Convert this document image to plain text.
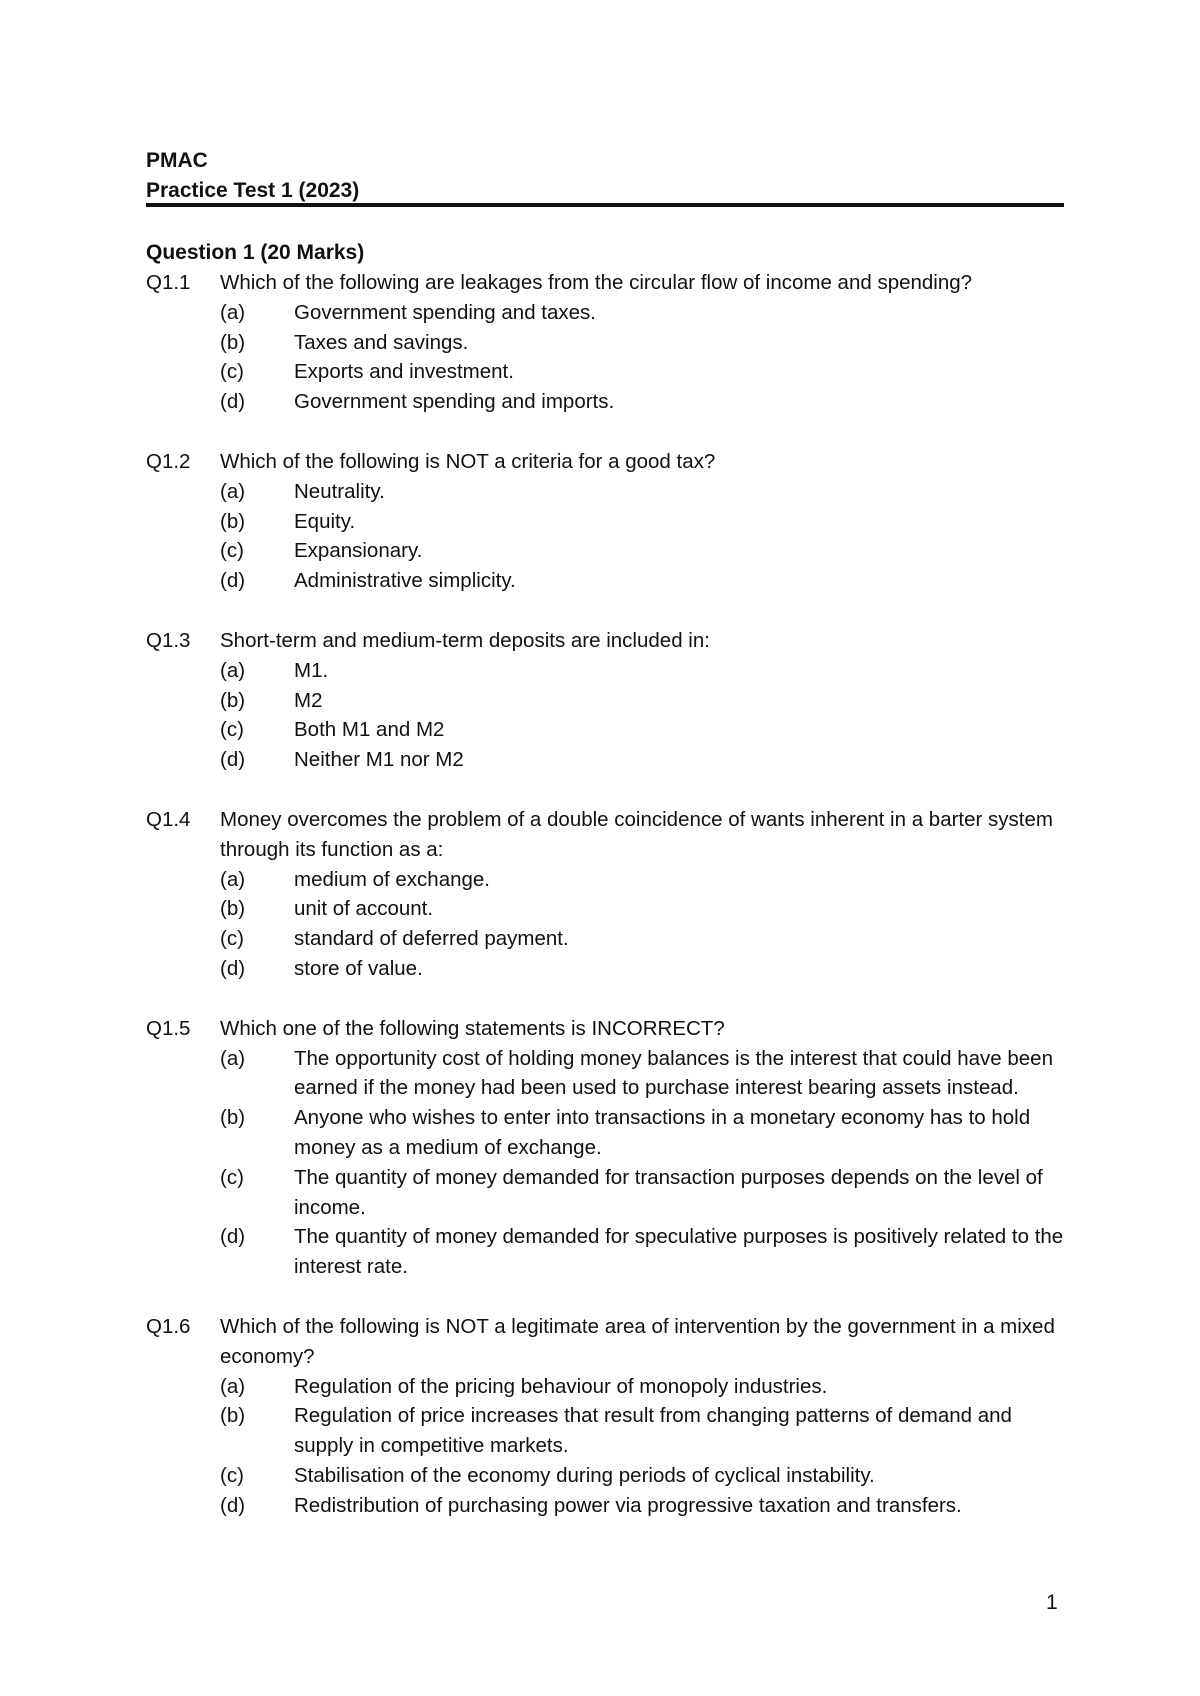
PMAC
Practice Test 1 (2023)
Question 1 (20 Marks)
Q1.1	Which of the following are leakages from the circular flow of income and spending?
(a)	Government spending and taxes.
(b)	Taxes and savings.
(c)	Exports and investment.
(d)	Government spending and imports.
Q1.2	Which of the following is NOT a criteria for a good tax?
(a)	Neutrality.
(b)	Equity.
(c)	Expansionary.
(d)	Administrative simplicity.
Q1.3	Short-term and medium-term deposits are included in:
(a)	M1.
(b)	M2
(c)	Both M1 and M2
(d)	Neither M1 nor M2
Q1.4	Money overcomes the problem of a double coincidence of wants inherent in a barter system through its function as a:
(a)	medium of exchange.
(b)	unit of account.
(c)	standard of deferred payment.
(d)	store of value.
Q1.5	Which one of the following statements is INCORRECT?
(a)	The opportunity cost of holding money balances is the interest that could have been earned if the money had been used to purchase interest bearing assets instead.
(b)	Anyone who wishes to enter into transactions in a monetary economy has to hold money as a medium of exchange.
(c)	The quantity of money demanded for transaction purposes depends on the level of income.
(d)	The quantity of money demanded for speculative purposes is positively related to the interest rate.
Q1.6	Which of the following is NOT a legitimate area of intervention by the government in a mixed economy?
(a)	Regulation of the pricing behaviour of monopoly industries.
(b)	Regulation of price increases that result from changing patterns of demand and supply in competitive markets.
(c)	Stabilisation of the economy during periods of cyclical instability.
(d)	Redistribution of purchasing power via progressive taxation and transfers.
1
